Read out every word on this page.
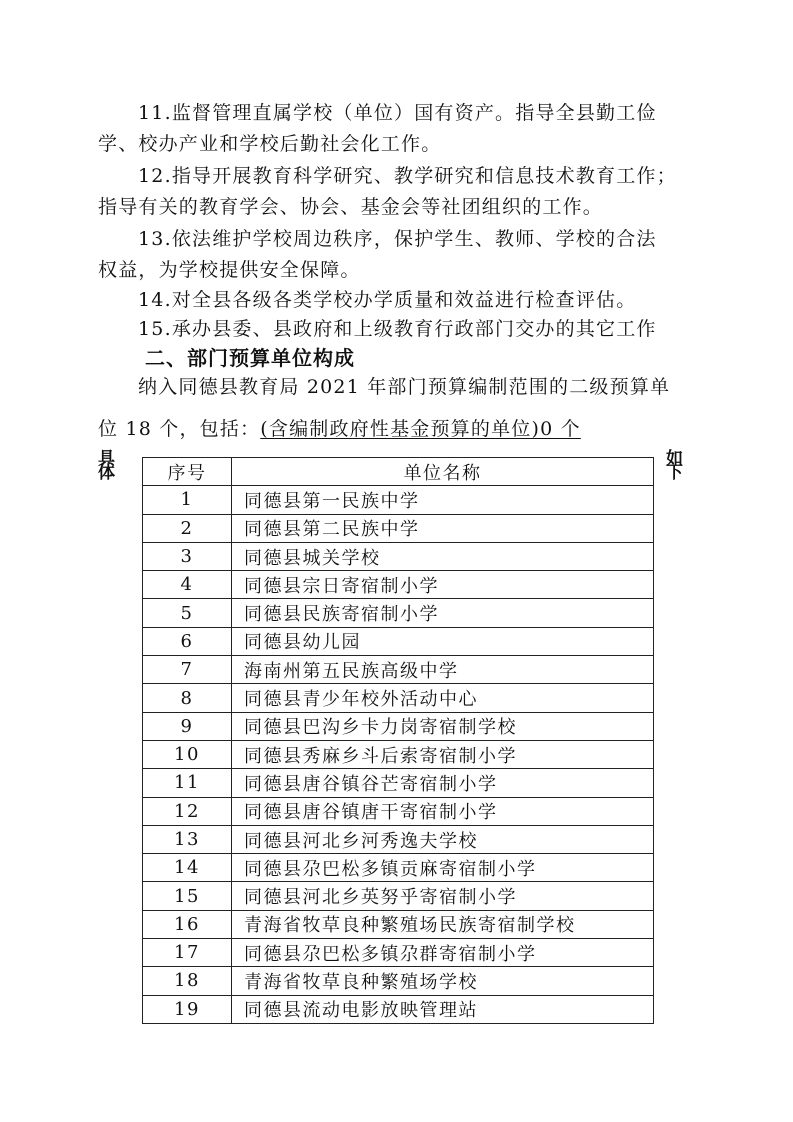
11.监督管理直属学校（单位）国有资产。指导全县勤工俭
学、校办产业和学校后勤社会化工作。
12.指导开展教育科学研究、教学研究和信息技术教育工作；
指导有关的教育学会、协会、基金会等社团组织的工作。
13.依法维护学校周边秩序，保护学生、教师、学校的合法
权益，为学校提供安全保障。
14.对全县各级各类学校办学质量和效益进行检查评估。
15.承办县委、县政府和上级教育行政部门交办的其它工作
二、部门预算单位构成
纳入同德县教育局 2021 年部门预算编制范围的二级预算单
位 18 个，包括：(含编制政府性基金预算的单位)0 个
具体
如下
序号	单位名称
1	同德县第一民族中学
2	同德县第二民族中学
3	同德县城关学校
4	同德县宗日寄宿制小学
5	同德县民族寄宿制小学
6	同德县幼儿园
7	海南州第五民族高级中学
8	同德县青少年校外活动中心
9	同德县巴沟乡卡力岗寄宿制学校
10	同德县秀麻乡斗后索寄宿制小学
11	同德县唐谷镇谷芒寄宿制小学
12	同德县唐谷镇唐干寄宿制小学
13	同德县河北乡河秀逸夫学校
14	同德县尕巴松多镇贡麻寄宿制小学
15	同德县河北乡英努乎寄宿制小学
16	青海省牧草良种繁殖场民族寄宿制学校
17	同德县尕巴松多镇尕群寄宿制小学
18	青海省牧草良种繁殖场学校
19	同德县流动电影放映管理站
